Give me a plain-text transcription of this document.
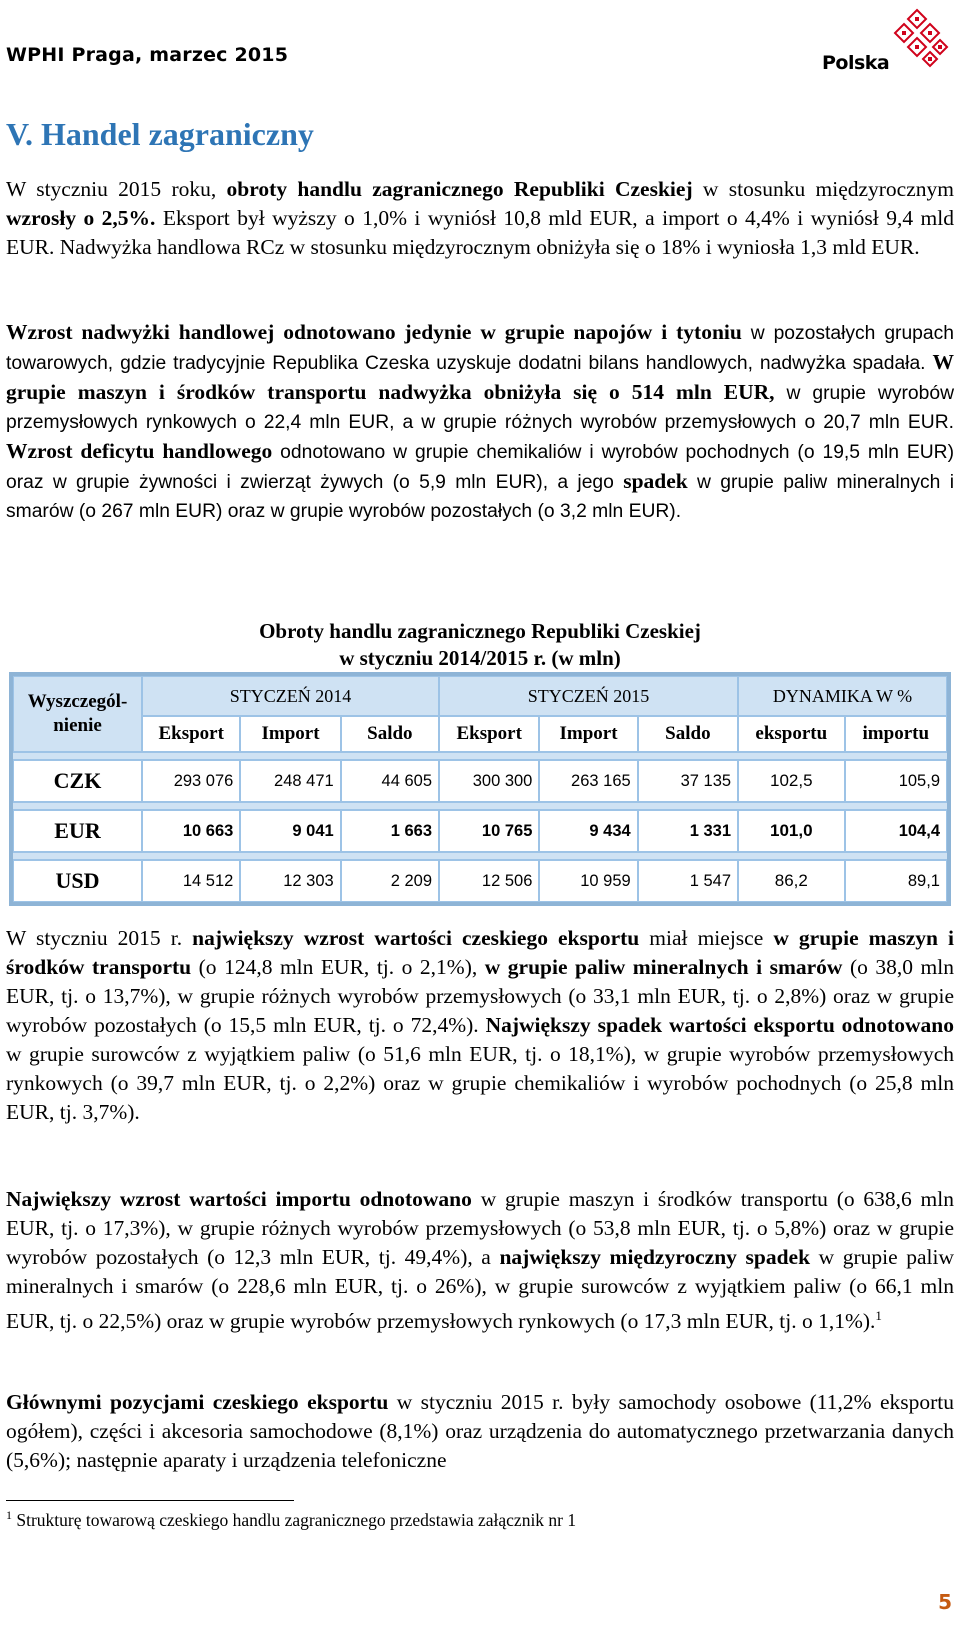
WPHI Praga, marzec 2015	Polska
V. Handel zagraniczny
W styczniu 2015 roku, obroty handlu zagranicznego Republiki Czeskiej w stosunku międzyrocznym wzrosły o 2,5%. Eksport był wyższy o 1,0% i wyniósł 10,8 mld EUR, a import o 4,4% i wyniósł 9,4 mld EUR. Nadwyżka handlowa RCz w stosunku międzyrocznym obniżyła się o 18% i wyniosła 1,3 mld EUR.
Wzrost nadwyżki handlowej odnotowano jedynie w grupie napojów i tytoniu w pozostałych grupach towarowych, gdzie tradycyjnie Republika Czeska uzyskuje dodatni bilans handlowych, nadwyżka spadała. W grupie maszyn i środków transportu nadwyżka obniżyła się o 514 mln EUR, w grupie wyrobów przemysłowych rynkowych o 22,4 mln EUR, a w grupie różnych wyrobów przemysłowych o 20,7 mln EUR. Wzrost deficytu handlowego odnotowano w grupie chemikaliów i wyrobów pochodnych (o 19,5 mln EUR) oraz w grupie żywności i zwierząt żywych (o 5,9 mln EUR), a jego spadek w grupie paliw mineralnych i smarów (o 267 mln EUR) oraz w grupie wyrobów pozostałych (o 3,2 mln EUR).
Obroty handlu zagranicznego Republiki Czeskiej
w styczniu 2014/2015 r. (w mln)
Wyszczegól-nienie	STYCZEŃ 2014			STYCZEŃ 2015			DYNAMIKA W %	
	Eksport	Import	Saldo	Eksport	Import	Saldo	eksportu	importu

CZK	293 076	248 471	44 605	300 300	263 165	37 135	102,5	105,9

EUR	10 663	9 041	1 663	10 765	9 434	1 331	101,0	104,4

USD	14 512	12 303	2 209	12 506	10 959	1 547	86,2	89,1
W styczniu 2015 r. największy wzrost wartości czeskiego eksportu miał miejsce w grupie maszyn i środków transportu (o 124,8 mln EUR, tj. o 2,1%), w grupie paliw mineralnych i smarów (o 38,0 mln EUR, tj. o 13,7%), w grupie różnych wyrobów przemysłowych (o 33,1 mln EUR, tj. o 2,8%) oraz w grupie wyrobów pozostałych (o 15,5 mln EUR, tj. o 72,4%). Największy spadek wartości eksportu odnotowano w grupie surowców z wyjątkiem paliw (o 51,6 mln EUR, tj. o 18,1%), w grupie wyrobów przemysłowych rynkowych (o 39,7 mln EUR, tj. o 2,2%) oraz w grupie chemikaliów i wyrobów pochodnych (o 25,8 mln EUR, tj. 3,7%).
Największy wzrost wartości importu odnotowano w grupie maszyn i środków transportu (o 638,6 mln EUR, tj. o 17,3%), w grupie różnych wyrobów przemysłowych (o 53,8 mln EUR, tj. o 5,8%) oraz w grupie wyrobów pozostałych (o 12,3 mln EUR, tj. 49,4%), a największy międzyroczny spadek w grupie paliw mineralnych i smarów (o 228,6 mln EUR, tj. o 26%), w grupie surowców z wyjątkiem paliw (o 66,1 mln EUR, tj. o 22,5%) oraz w grupie wyrobów przemysłowych rynkowych (o 17,3 mln EUR, tj. o 1,1%).$^1$
Głównymi pozycjami czeskiego eksportu w styczniu 2015 r. były samochody osobowe (11,2% eksportu ogółem), części i akcesoria samochodowe (8,1%) oraz urządzenia do automatycznego przetwarzania danych (5,6%); następnie aparaty i urządzenia telefoniczne
$^1$ Strukturę towarową czeskiego handlu zagranicznego przedstawia załącznik nr 1
5
